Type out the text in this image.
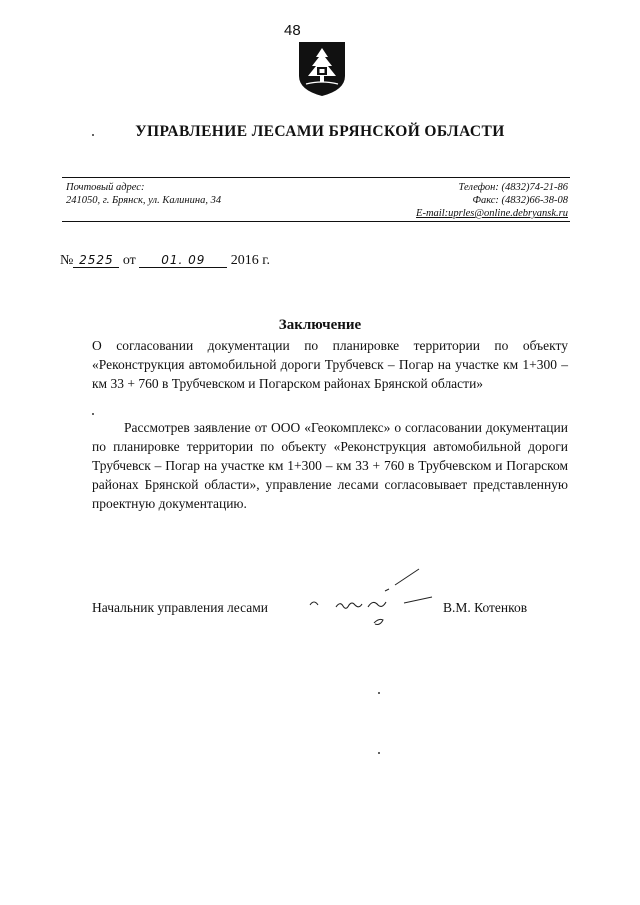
48
УПРАВЛЕНИЕ ЛЕСАМИ БРЯНСКОЙ ОБЛАСТИ
Почтовый адрес:
241050, г. Брянск, ул. Калинина, 34
Телефон: (4832)74-21-86
Факс: (4832)66-38-08
E-mail:uprles@online.debryansk.ru
№ 2525 от 01. 09 2016 г.
Заключение
О согласовании документации по планировке территории по объекту «Реконструкция автомобильной дороги Трубчевск – Погар на участке км 1+300 – км 33 + 760 в Трубчевском и Погарском районах Брянской области»
Рассмотрев заявление от ООО «Геокомплекс» о согласовании документации по планировке территории по объекту «Реконструкция автомобильной дороги Трубчевск – Погар на участке км 1+300 – км 33 + 760 в Трубчевском и Погарском районах Брянской области», управление лесами согласовывает представленную проектную документацию.
Начальник управления лесами	В.М. Котенков
